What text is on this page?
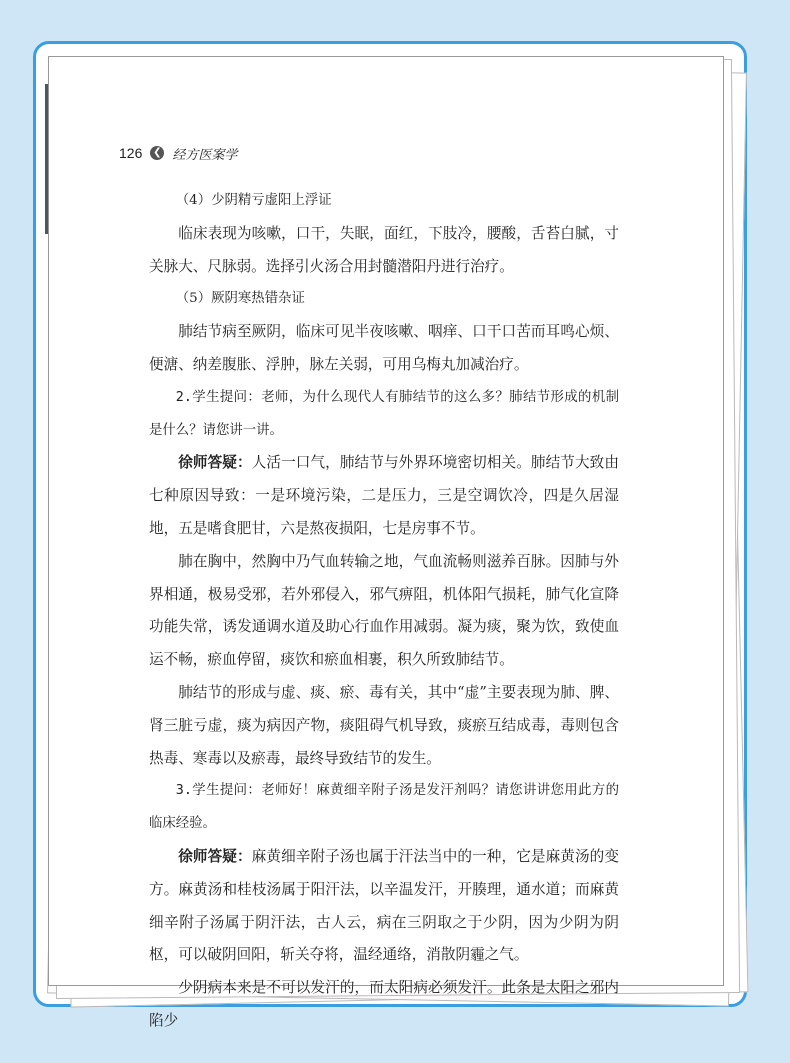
126 ❮ 经方医案学

（4）少阴精亏虚阳上浮证

临床表现为咳嗽，口干，失眠，面红，下肢冷，腰酸，舌苔白腻，寸关脉大、尺脉弱。选择引火汤合用封髓潜阳丹进行治疗。

（5）厥阴寒热错杂证

肺结节病至厥阴，临床可见半夜咳嗽、咽痒、口干口苦而耳鸣心烦、便溏、纳差腹胀、浮肿，脉左关弱，可用乌梅丸加减治疗。

2.学生提问：老师，为什么现代人有肺结节的这么多？肺结节形成的机制是什么？请您讲一讲。

徐师答疑：人活一口气，肺结节与外界环境密切相关。肺结节大致由七种原因导致：一是环境污染，二是压力，三是空调饮冷，四是久居湿地，五是嗜食肥甘，六是熬夜损阳，七是房事不节。

肺在胸中，然胸中乃气血转输之地，气血流畅则滋养百脉。因肺与外界相通，极易受邪，若外邪侵入，邪气痹阻，机体阳气损耗，肺气化宣降功能失常，诱发通调水道及助心行血作用减弱。凝为痰，聚为饮，致使血运不畅，瘀血停留，痰饮和瘀血相裹，积久所致肺结节。

肺结节的形成与虚、痰、瘀、毒有关，其中“虚”主要表现为肺、脾、肾三脏亏虚，痰为病因产物，痰阻碍气机导致，痰瘀互结成毒，毒则包含热毒、寒毒以及瘀毒，最终导致结节的发生。

3.学生提问：老师好！麻黄细辛附子汤是发汗剂吗？请您讲讲您用此方的临床经验。

徐师答疑：麻黄细辛附子汤也属于汗法当中的一种，它是麻黄汤的变方。麻黄汤和桂枝汤属于阳汗法，以辛温发汗，开腠理，通水道；而麻黄细辛附子汤属于阴汗法，古人云，病在三阴取之于少阴，因为少阴为阴枢，可以破阴回阳，斩关夺将，温经通络，消散阴霾之气。

少阴病本来是不可以发汗的，而太阳病必须发汗。此条是太阳之邪内陷少
